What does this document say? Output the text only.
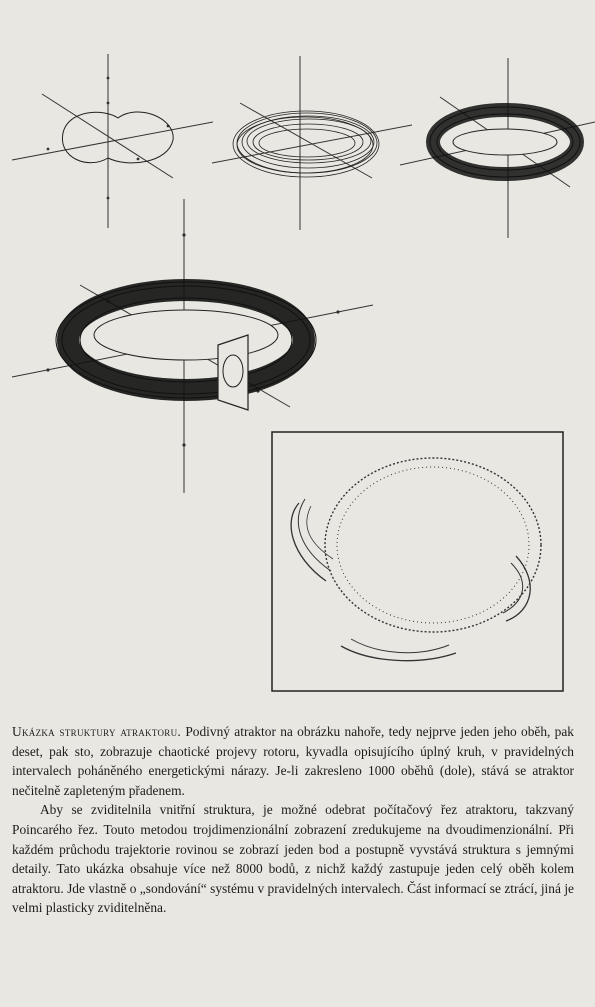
Ukázka struktury atraktoru. Podivný atraktor na obrázku nahoře, tedy nejprve jeden jeho oběh, pak deset, pak sto, zobrazuje chaotické projevy rotoru, kyvadla opisujícího úplný kruh, v pravidelných intervalech poháněného energetickými nárazy. Je-li zakresleno 1000 oběhů (dole), stává se atraktor nečitelně zapleteným přadenem.

Aby se zviditelnila vnitřní struktura, je možné odebrat počítačový řez atraktoru, takzvaný Poincarého řez. Touto metodou trojdimenzionální zobrazení zredukujeme na dvoudimenzionální. Při každém průchodu trajektorie rovinou se zobrazí jeden bod a postupně vyvstává struktura s jemnými detaily. Tato ukázka obsahuje více než 8000 bodů, z nichž každý zastupuje jeden celý oběh kolem atraktoru. Jde vlastně o „sondování“ systému v pravidelných intervalech. Část informací se ztrácí, jiná je velmi plasticky zviditelněna.
